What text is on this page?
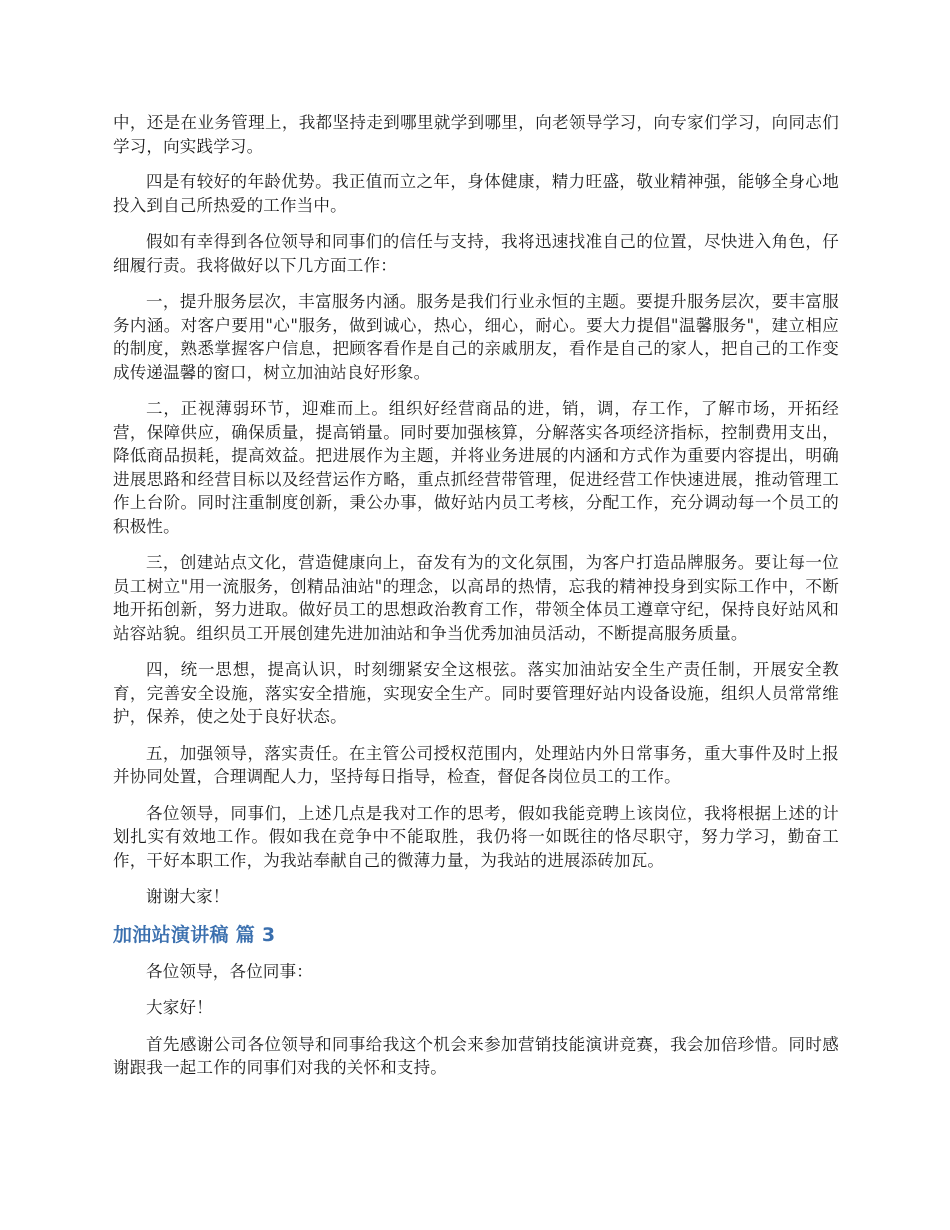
中，还是在业务管理上，我都坚持走到哪里就学到哪里，向老领导学习，向专家们学习，向同志们学习，向实践学习。

四是有较好的年龄优势。我正值而立之年，身体健康，精力旺盛，敬业精神强，能够全身心地投入到自己所热爱的工作当中。

假如有幸得到各位领导和同事们的信任与支持，我将迅速找准自己的位置，尽快进入角色，仔细履行责。我将做好以下几方面工作：

一，提升服务层次，丰富服务内涵。服务是我们行业永恒的主题。要提升服务层次，要丰富服务内涵。对客户要用"心"服务，做到诚心，热心，细心，耐心。要大力提倡"温馨服务"，建立相应的制度，熟悉掌握客户信息，把顾客看作是自己的亲戚朋友，看作是自己的家人，把自己的工作变成传递温馨的窗口，树立加油站良好形象。

二，正视薄弱环节，迎难而上。组织好经营商品的进，销，调，存工作，了解市场，开拓经营，保障供应，确保质量，提高销量。同时要加强核算，分解落实各项经济指标，控制费用支出，降低商品损耗，提高效益。把进展作为主题，并将业务进展的内涵和方式作为重要内容提出，明确进展思路和经营目标以及经营运作方略，重点抓经营带管理，促进经营工作快速进展，推动管理工作上台阶。同时注重制度创新，秉公办事，做好站内员工考核，分配工作，充分调动每一个员工的积极性。

三，创建站点文化，营造健康向上，奋发有为的文化氛围，为客户打造品牌服务。要让每一位员工树立"用一流服务，创精品油站"的理念，以高昂的热情，忘我的精神投身到实际工作中，不断地开拓创新，努力进取。做好员工的思想政治教育工作，带领全体员工遵章守纪，保持良好站风和站容站貌。组织员工开展创建先进加油站和争当优秀加油员活动，不断提高服务质量。

四，统一思想，提高认识，时刻绷紧安全这根弦。落实加油站安全生产责任制，开展安全教育，完善安全设施，落实安全措施，实现安全生产。同时要管理好站内设备设施，组织人员常常维护，保养，使之处于良好状态。

五，加强领导，落实责任。在主管公司授权范围内，处理站内外日常事务，重大事件及时上报并协同处置，合理调配人力，坚持每日指导，检查，督促各岗位员工的工作。

各位领导，同事们，上述几点是我对工作的思考，假如我能竞聘上该岗位，我将根据上述的计划扎实有效地工作。假如我在竞争中不能取胜，我仍将一如既往的恪尽职守，努力学习，勤奋工作，干好本职工作，为我站奉献自己的微薄力量，为我站的进展添砖加瓦。

谢谢大家！

加油站演讲稿 篇 3

各位领导，各位同事：

大家好！

首先感谢公司各位领导和同事给我这个机会来参加营销技能演讲竞赛，我会加倍珍惜。同时感谢跟我一起工作的同事们对我的关怀和支持。
